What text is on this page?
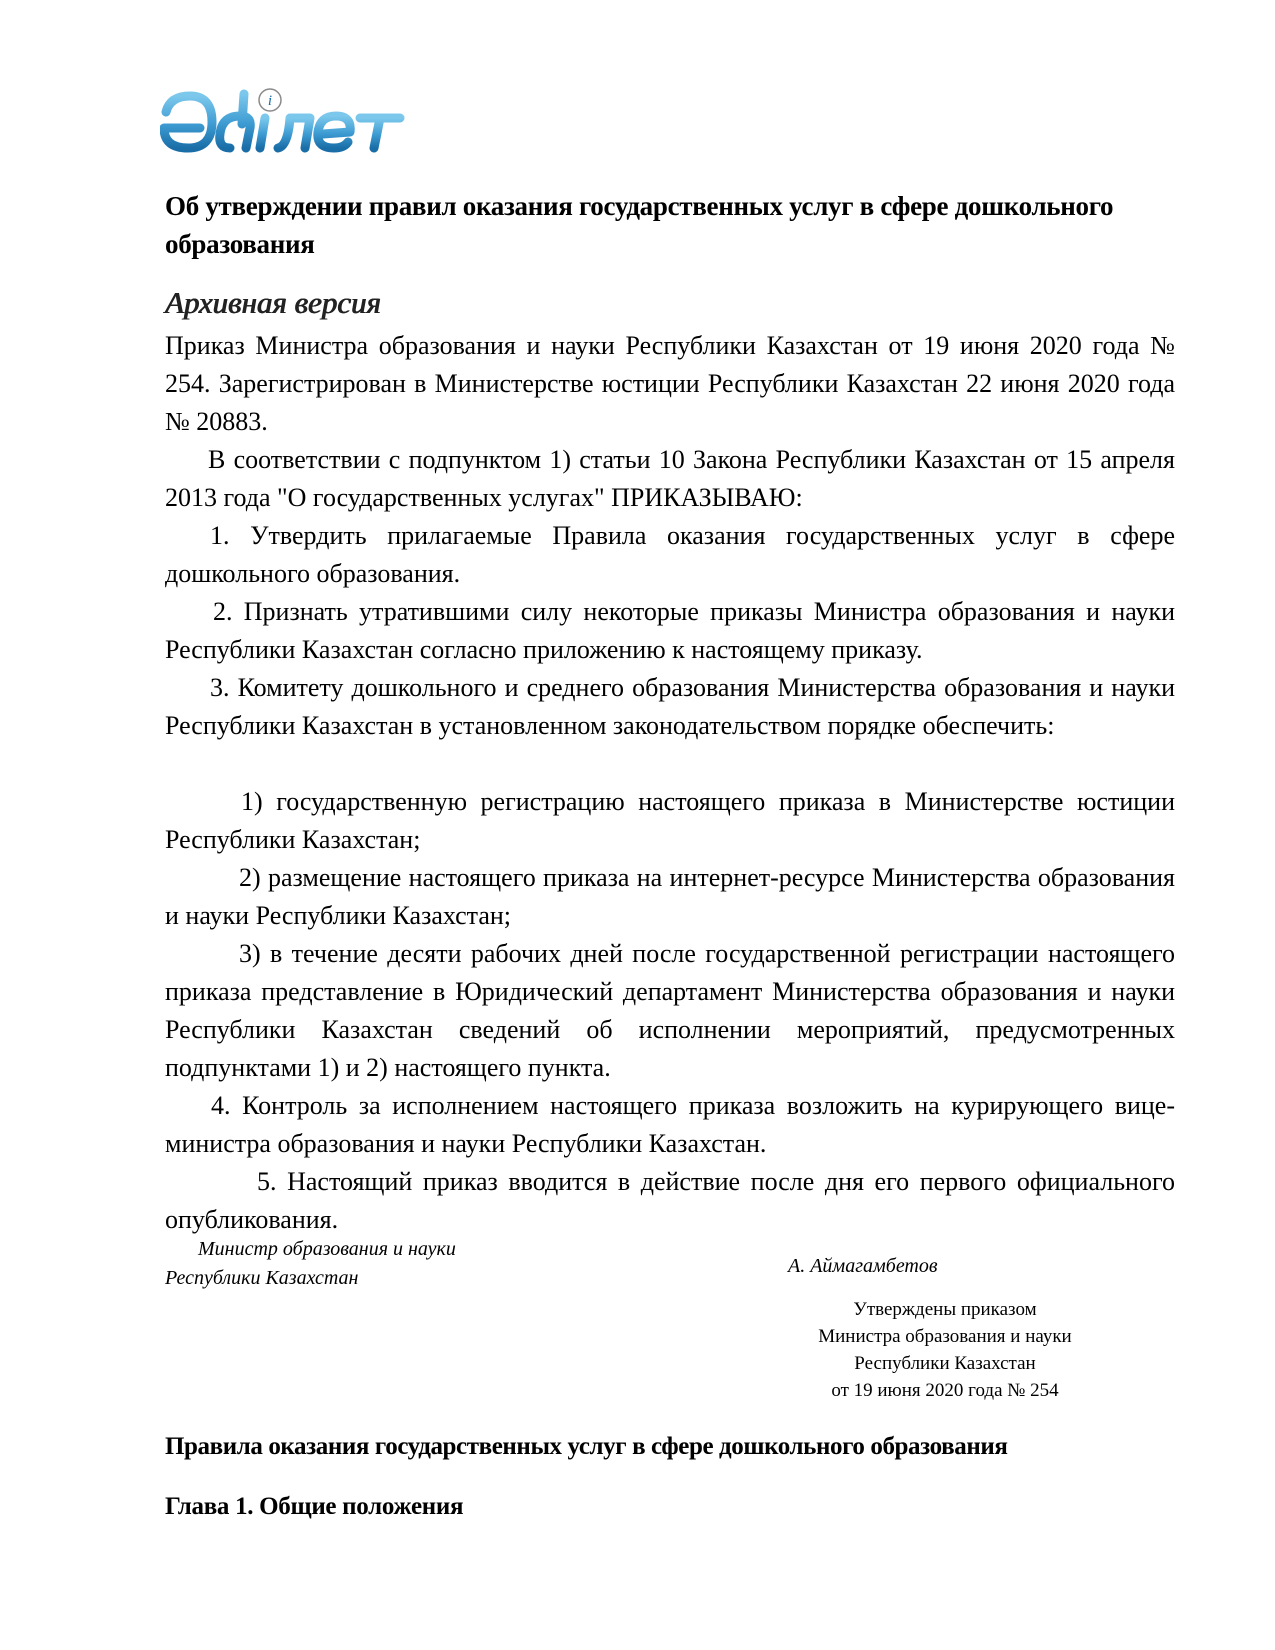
i
Об утверждении правил оказания государственных услуг в сфере дошкольного образования
Архивная версия

Приказ Министра образования и науки Республики Казахстан от 19 июня 2020 года № 254. Зарегистрирован в Министерстве юстиции Республики Казахстан 22 июня 2020 года № 20883.

В соответствии с подпунктом 1) статьи 10 Закона Республики Казахстан от 15 апреля 2013 года "О государственных услугах" ПРИКАЗЫВАЮ:

1. Утвердить прилагаемые Правила оказания государственных услуг в сфере дошкольного образования.

2. Признать утратившими силу некоторые приказы Министра образования и науки Республики Казахстан согласно приложению к настоящему приказу.

3. Комитету дошкольного и среднего образования Министерства образования и науки Республики Казахстан в установленном законодательством порядке обеспечить:

1) государственную регистрацию настоящего приказа в Министерстве юстиции Республики Казахстан;

2) размещение настоящего приказа на интернет-ресурсе Министерства образования и науки Республики Казахстан;

3) в течение десяти рабочих дней после государственной регистрации настоящего приказа представление в Юридический департамент Министерства образования и науки Республики Казахстан сведений об исполнении мероприятий, предусмотренных подпунктами 1) и 2) настоящего пункта.

4. Контроль за исполнением настоящего приказа возложить на курирующего вице-министра образования и науки Республики Казахстан.

5. Настоящий приказ вводится в действие после дня его первого официального опубликования.

Министр образования и науки
Республики Казахстан
А. Аймагамбетов
Утверждены приказом
Министра образования и науки
Республики Казахстан
от 19 июня 2020 года № 254
Правила оказания государственных услуг в сфере дошкольного образования
Глава 1. Общие положения
